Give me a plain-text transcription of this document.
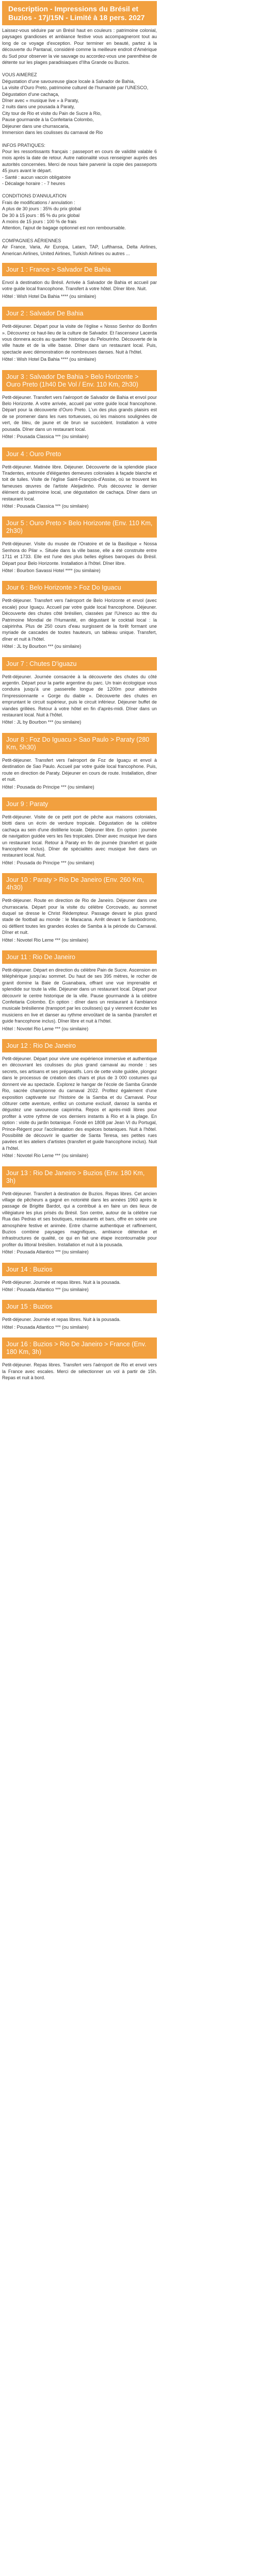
Description - Impressions du Brésil et Buzios - 17j/15N - Limité à 18 pers. 2027

Laissez-vous séduire par un Brésil haut en couleurs : patrimoine colonial, paysages grandioses et ambiance festive vous accompagneront tout au long de ce voyage d'exception. Pour terminer en beauté, partez à la découverte du Pantanal, considéré comme la meilleure endroit d'Amérique du Sud pour observer la vie sauvage ou accordez-vous une parenthèse de détente sur les plages paradisiaques d'Ilha Grande ou Buzios.

VOUS AIMEREZ
Dégustation d'une savoureuse glace locale à Salvador de Bahia,
La visite d'Ouro Preto, patrimoine culturel de l'humanité par l'UNESCO,
Dégustation d'une cachaça,
Dîner avec « musique live » à Paraty,
2 nuits dans une pousada à Paraty,
City tour de Rio et visite du Pain de Sucre à Rio,
Pause gourmande à la Confeitaria Colombo,
Déjeuner dans une churrascaria,
Immersion dans les coulisses du carnaval de Rio

INFOS PRATIQUES:
Pour les ressortissants français : passeport en cours de validité valable 6 mois après la date de retour. Autre nationalité vous renseigner auprès des autorités concernées. Merci de nous faire parvenir la copie des passeports 45 jours avant le départ.
- Santé : aucun vaccin obligatoire
- Décalage horaire : - 7 heures

CONDITIONS D'ANNULATION
Frais de modifications / annulation :
A plus de 30 jours : 35% du prix global
De 30 à 15 jours : 85 % du prix global
A moins de 15 jours : 100 % de frais
Attention, l'ajout de bagage optionnel est non remboursable.

COMPAGNIES AÉRIENNES
Air France, Varia, Air Europa, Latam, TAP, Lufthansa, Delta Airlines, American Airlines, United Airlines, Turkish Airlines ou autres ...

Jour 1 : France > Salvador De Bahia
Envol à destination du Brésil. Arrivée à Salvador de Bahia et accueil par votre guide local francophone. Transfert à votre hôtel. Dîner libre. Nuit.
Hôtel : Wish Hotel Da Bahia **** (ou similaire)
Jour 2 : Salvador De Bahia
Petit-déjeuner. Départ pour la visite de l'église « Nosso Senhor do Bonfim ». Découvrez ce haut-lieu de la culture de Salvador. Et l'ascenseur Lacerda vous donnera accès au quartier historique du Pelourinho. Découverte de la ville haute et de la ville basse. Dîner dans un restaurant local. Puis, spectacle avec démonstration de nombreuses danses. Nuit à l'hôtel.
Hôtel : Wish Hotel Da Bahia **** (ou similaire)
Jour 3 : Salvador De Bahia > Belo Horizonte > Ouro Preto (1h40 De Vol / Env. 110 Km, 2h30)
Petit-déjeuner. Transfert vers l'aéroport de Salvador de Bahia et envol pour Belo Horizonte. A votre arrivée, accueil par votre guide local francophone. Départ pour la découverte d'Ouro Preto. L'un des plus grands plaisirs est de se promener dans les rues tortueuses, où les maisons soulignées de vert, de bleu, de jaune et de brun se succèdent. Installation à votre pousada. Dîner dans un restaurant local.
Hôtel : Pousada Classica *** (ou similaire)
Jour 4 : Ouro Preto
Petit-déjeuner. Matinée libre. Déjeuner. Découverte de la splendide place Tiradentes, entourée d'élégantes demeures coloniales à façade blanche et toit de tuiles. Visite de l'église Saint-François-d'Assise, où se trouvent les fameuses œuvres de l'artiste Aleijadinho. Puis découvrez le dernier élément du patrimoine local, une dégustation de cachaça. Dîner dans un restaurant local.
Hôtel : Pousada Classica *** (ou similaire)
Jour 5 : Ouro Preto > Belo Horizonte (Env. 110 Km, 2h30)
Petit-déjeuner. Visite du musée de l'Oratoire et de la Basilique « Nossa Senhora do Pilar ». Située dans la ville basse, elle a été construite entre 1711 et 1733. Elle est l'une des plus belles églises baroques du Brésil. Départ pour Belo Horizonte. Installation à l'hôtel. Dîner libre.
Hôtel : Bourbon Savassi Hotel **** (ou similaire)
Jour 6 : Belo Horizonte > Foz Do Iguacu
Petit-déjeuner. Transfert vers l'aéroport de Belo Horizonte et envol (avec escale) pour Iguaçu. Accueil par votre guide local francophone. Déjeuner. Découverte des chutes côté brésilien, classées par l'Unesco au titre du Patrimoine Mondial de l'Humanité, en dégustant le cocktail local : la caipirinha. Plus de 250 cours d'eau surgissent de la forêt formant une myriade de cascades de toutes hauteurs, un tableau unique. Transfert, dîner et nuit à l'hôtel.
Hôtel : JL by Bourbon *** (ou similaire)
Jour 7 : Chutes D'iguazu
Petit-déjeuner. Journée consacrée à la découverte des chutes du côté argentin. Départ pour la partie argentine du parc. Un train écologique vous conduira jusqu'à une passerelle longue de 1200m pour atteindre l'impressionnante « Gorge du diable ». Découverte des chutes en empruntant le circuit supérieur, puis le circuit inférieur. Déjeuner buffet de viandes grillées. Retour à votre hôtel en fin d'après-midi. Dîner dans un restaurant local. Nuit à l'hôtel.
Hôtel : JL by Bourbon *** (ou similaire)
Jour 8 : Foz Do Iguacu > Sao Paulo > Paraty (280 Km, 5h30)
Petit-déjeuner. Transfert vers l'aéroport de Foz de Iguaçu et envol à destination de Sao Paulo. Accueil par votre guide local francophone. Puis, route en direction de Paraty. Déjeuner en cours de route. Installation, dîner et nuit.
Hôtel : Pousada do Principe *** (ou similaire)
Jour 9 : Paraty
Petit-déjeuner. Visite de ce petit port de pêche aux maisons coloniales, blotti dans un écrin de verdure tropicale. Dégustation de la célèbre cachaça au sein d'une distillerie locale. Déjeuner libre. En option : journée de navigation guidée vers les îles tropicales. Dîner avec musique live dans un restaurant local. Retour à Paraty en fin de journée (transfert et guide francophone inclus). Dîner de spécialités avec musique live dans un restaurant local. Nuit.
Hôtel : Pousada do Principe *** (ou similaire)
Jour 10 : Paraty > Rio De Janeiro (Env. 260 Km, 4h30)
Petit-déjeuner. Route en direction de Rio de Janeiro. Déjeuner dans une churrascaria. Départ pour la visite du célèbre Corcovado, au sommet duquel se dresse le Christ Rédempteur. Passage devant le plus grand stade de football au monde : le Maracana. Arrêt devant le Sambodromo, où défilent toutes les grandes écoles de Samba à la période du Carnaval. Dîner et nuit.
Hôtel : Novotel Rio Leme *** (ou similaire)
Jour 11 : Rio De Janeiro
Petit-déjeuner. Départ en direction du célèbre Pain de Sucre. Ascension en téléphérique jusqu'au sommet. Du haut de ses 395 mètres, le rocher de granit domine la Baie de Guanabara, offrant une vue imprenable et splendide sur toute la ville. Déjeuner dans un restaurant local. Départ pour découvrir le centre historique de la ville. Pause gourmande à la célèbre Confeitaria Colombo. En option : dîner dans un restaurant à l'ambiance musicale brésilienne (transport par les coulisses) qui y viennent écouter les musiciens en live et danser au rythme envoûtant de la samba (transfert et guide francophone inclus). Dîner libre et nuit à l'hôtel.
Hôtel : Novotel Rio Leme *** (ou similaire)
Jour 12 : Rio De Janeiro
Petit-déjeuner. Départ pour vivre une expérience immersive et authentique en découvrant les coulisses du plus grand carnaval au monde : ses secrets, ses artisans et ses préparatifs. Lors de cette visite guidée, plongez dans le processus de création des chars et plus de 3 000 costumes qui donnent vie au spectacle. Explorez le hangar de l'école de Samba Grande Rio, sacrée championne du carnaval 2022. Profitez également d'une exposition captivante sur l'histoire de la Samba et du Carnaval. Pour clôturer cette aventure, enfilez un costume exclusif, dansez la samba et dégustez une savoureuse caipirinha. Repos et après-midi libres pour profiter à votre rythme de vos derniers instants à Rio et à la plage. En option : visite du jardin botanique. Fondé en 1808 par Jean VI du Portugal, Prince-Régent pour l'acclimatation des espèces botaniques. Nuit à l'hôtel. Possibilité de découvrir le quartier de Santa Teresa, ses petites rues pavées et les ateliers d'artistes (transfert et guide francophone inclus). Nuit à l'hôtel.
Hôtel : Novotel Rio Leme *** (ou similaire)
Jour 13 : Rio De Janeiro > Buzios (Env. 180 Km, 3h)
Petit-déjeuner. Transfert à destination de Buzios. Repas libres. Cet ancien village de pêcheurs a gagné en notoriété dans les années 1960 après le passage de Brigitte Bardot, qui a contribué à en faire un des lieux de villégiature les plus prisés du Brésil. Son centre, autour de la célèbre rue Rua das Pedras et ses boutiques, restaurants et bars, offre en soirée une atmosphère festive et animée. Entre charme authentique et raffinement, Buzios combine paysages magnifiques, ambiance détendue et infrastructures de qualité, ce qui en fait une étape incontournable pour profiter du littoral brésilien. Installation et nuit à la pousada.
Hôtel : Pousada Atlantico *** (ou similaire)
Jour 14 : Buzios
Petit-déjeuner. Journée et repas libres. Nuit à la pousada.
Hôtel : Pousada Atlantico *** (ou similaire)
Jour 15 : Buzios
Petit-déjeuner. Journée et repas libres. Nuit à la pousada.
Hôtel : Pousada Atlantico *** (ou similaire)
Jour 16 : Buzios > Rio De Janeiro > France (Env. 180 Km, 3h)
Petit-déjeuner. Repas libres. Transfert vers l'aéroport de Rio et envol vers la France avec escales. Merci de sélectionner un vol à partir de 15h. Repas et nuit à bord.
